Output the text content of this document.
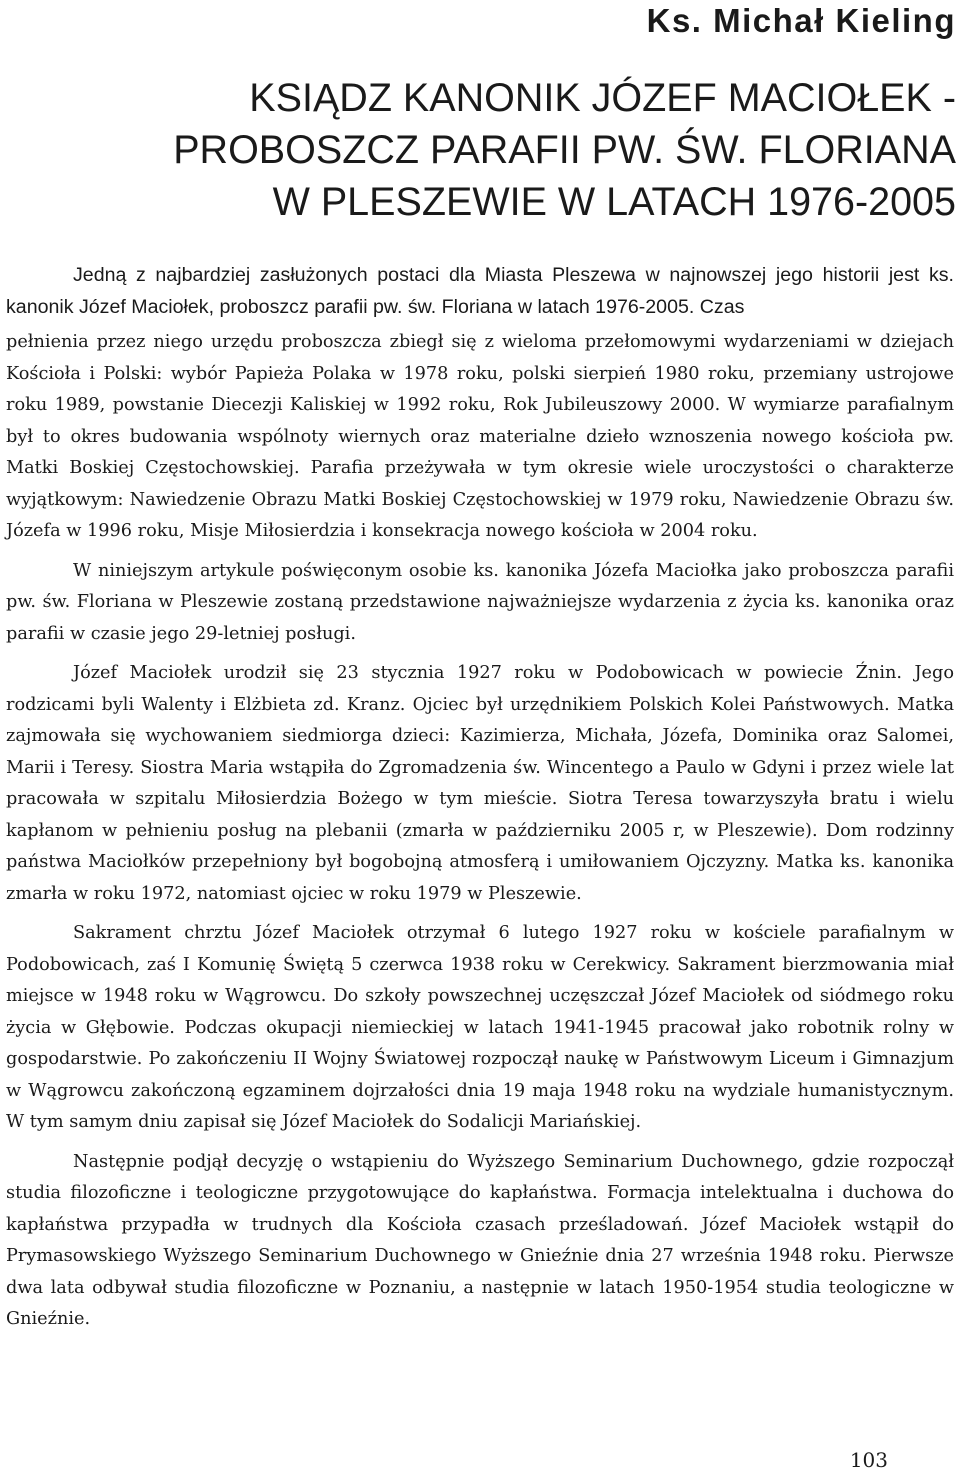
Ks. Michał Kieling
KSIĄDZ KANONIK JÓZEF MACIOŁEK -
PROBOSZCZ PARAFII PW. ŚW. FLORIANA
W PLESZEWIE W LATACH 1976-2005

Jedną z najbardziej zasłużonych postaci dla Miasta Pleszewa w najnowszej jego historii jest ks. kanonik Józef Maciołek, proboszcz parafii pw. św. Floriana w latach 1976-2005. Czas

pełnienia przez niego urzędu proboszcza zbiegł się z wieloma przełomowymi wydarzeniami w dziejach Kościoła i Polski: wybór Papieża Polaka w 1978 roku, polski sierpień 1980 roku, przemiany ustrojowe roku 1989, powstanie Diecezji Kaliskiej w 1992 roku, Rok Jubileuszowy 2000. W wymiarze parafialnym był to okres budowania wspólnoty wiernych oraz materialne dzieło wznoszenia nowego kościoła pw. Matki Boskiej Częstochowskiej. Parafia przeżywała w tym okresie wiele uroczystości o charakterze wyjątkowym: Nawiedzenie Obrazu Matki Boskiej Częstochowskiej w 1979 roku, Nawiedzenie Obrazu św. Józefa w 1996 roku, Misje Miłosierdzia i konsekracja nowego kościoła w 2004 roku.

W niniejszym artykule poświęconym osobie ks. kanonika Józefa Maciołka jako proboszcza parafii pw. św. Floriana w Pleszewie zostaną przedstawione najważniejsze wydarzenia z życia ks. kanonika oraz parafii w czasie jego 29-letniej posługi.

Józef Maciołek urodził się 23 stycznia 1927 roku w Podobowicach w powiecie Źnin. Jego rodzicami byli Walenty i Elżbieta zd. Kranz. Ojciec był urzędnikiem Polskich Kolei Państwowych. Matka zajmowała się wychowaniem siedmiorga dzieci: Kazimierza, Michała, Józefa, Dominika oraz Salomei, Marii i Teresy. Siostra Maria wstąpiła do Zgromadzenia św. Wincentego a Paulo w Gdyni i przez wiele lat pracowała w szpitalu Miłosierdzia Bożego w tym mieście. Siotra Teresa towarzyszyła bratu i wielu kapłanom w pełnieniu posług na plebanii (zmarła w październiku 2005 r, w Pleszewie). Dom rodzinny państwa Maciołków przepełniony był bogobojną atmosferą i umiłowaniem Ojczyzny. Matka ks. kanonika zmarła w roku 1972, natomiast ojciec w roku 1979 w Pleszewie.

Sakrament chrztu Józef Maciołek otrzymał 6 lutego 1927 roku w kościele parafialnym w Podobowicach, zaś I Komunię Świętą 5 czerwca 1938 roku w Cerekwicy. Sakrament bierzmowania miał miejsce w 1948 roku w Wągrowcu. Do szkoły powszechnej uczęszczał Józef Maciołek od siódmego roku życia w Głębowie. Podczas okupacji niemieckiej w latach 1941-1945 pracował jako robotnik rolny w gospodarstwie. Po zakończeniu II Wojny Światowej rozpoczął naukę w Państwowym Liceum i Gimnazjum w Wągrowcu zakończoną egzaminem dojrzałości dnia 19 maja 1948 roku na wydziale humanistycznym. W tym samym dniu zapisał się Józef Maciołek do Sodalicji Mariańskiej.

Następnie podjął decyzję o wstąpieniu do Wyższego Seminarium Duchownego, gdzie rozpoczął studia filozoficzne i teologiczne przygotowujące do kapłaństwa. Formacja intelektualna i duchowa do kapłaństwa przypadła w trudnych dla Kościoła czasach prześladowań. Józef Maciołek wstąpił do Prymasowskiego Wyższego Seminarium Duchownego w Gnieźnie dnia 27 września 1948 roku. Pierwsze dwa lata odbywał studia filozoficzne w Poznaniu, a następnie w latach 1950-1954 studia teologiczne w Gnieźnie.

103
